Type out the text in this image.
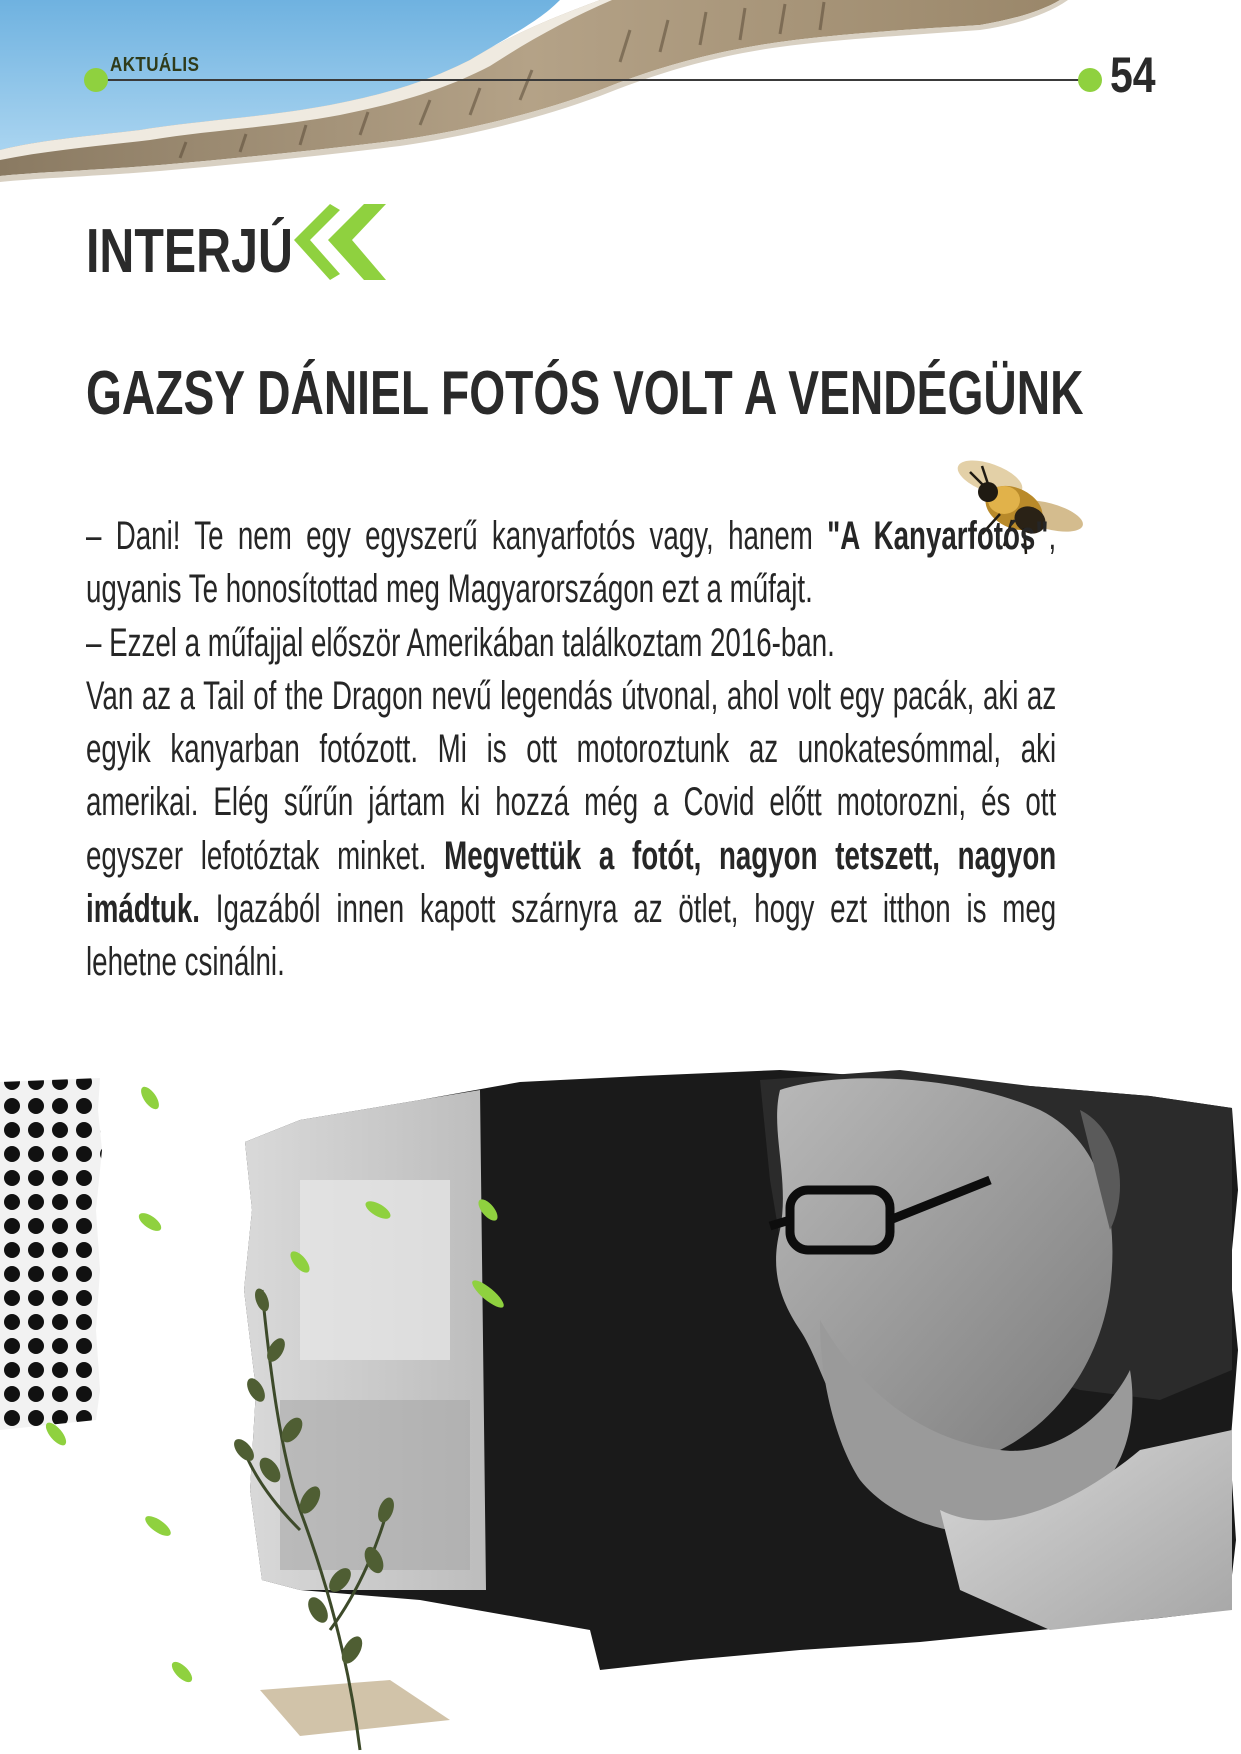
AKTUÁLIS	54
INTERJÚ
GAZSY DÁNIEL FOTÓS VOLT A VENDÉGÜNK

– Dani! Te nem egy egyszerű kanyarfotós vagy, hanem "A Kanyarfotós", ugyanis Te honosítottad meg Magyarországon ezt a műfajt.

– Ezzel a műfajjal először Amerikában találkoztam 2016-ban.

Van az a Tail of the Dragon nevű legendás útvonal, ahol volt egy pacák, aki az egyik kanyarban fotózott. Mi is ott motoroztunk az unokatesómmal, aki amerikai. Elég sűrűn jártam ki hozzá még a Covid előtt motorozni, és ott egyszer lefotóztak minket. Megvettük a fotót, nagyon tetszett, nagyon imádtuk. Igazából innen kapott szárnyra az ötlet, hogy ezt itthon is meg lehetne csinálni.
